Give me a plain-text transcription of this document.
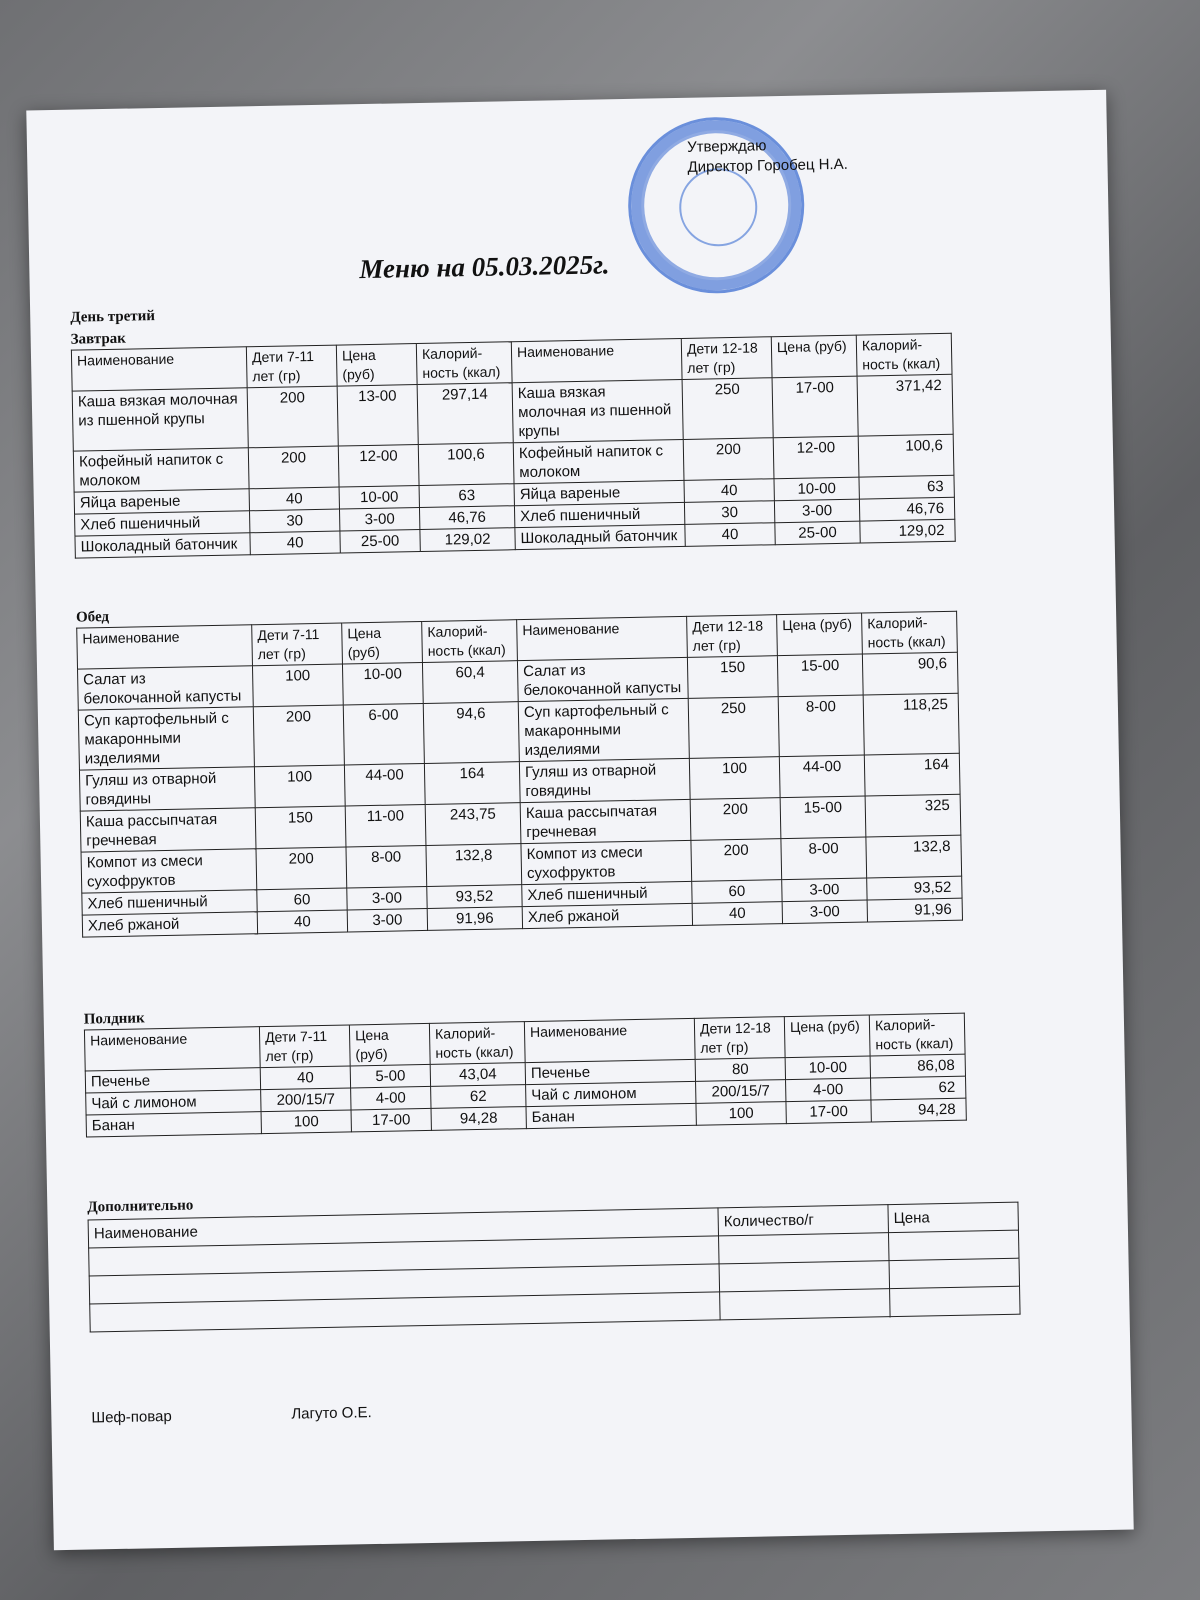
Утверждаю
Директор Горобец Н.А.
Меню на 05.03.2025г.
День третий
Завтрак
Наименование	Дети 7-11 лет (гр)	Цена (руб)	Калорий-ность (ккал)	Наименование	Дети 12-18 лет (гр)	Цена (руб)	Калорий-ность (ккал)
Каша вязкая молочная из пшенной крупы	200	13-00	297,14	Каша вязкая молочная из пшенной крупы	250	17-00	371,42
Кофейный напиток с молоком	200	12-00	100,6	Кофейный напиток с молоком	200	12-00	100,6
Яйца вареные	40	10-00	63	Яйца вареные	40	10-00	63
Хлеб пшеничный	30	3-00	46,76	Хлеб пшеничный	30	3-00	46,76
Шоколадный батончик	40	25-00	129,02	Шоколадный батончик	40	25-00	129,02
Обед
Наименование	Дети 7-11 лет (гр)	Цена (руб)	Калорий-ность (ккал)	Наименование	Дети 12-18 лет (гр)	Цена (руб)	Калорий-ность (ккал)
Салат из белокочанной капусты	100	10-00	60,4	Салат из белокочанной капусты	150	15-00	90,6
Суп картофельный с макаронными изделиями	200	6-00	94,6	Суп картофельный с макаронными изделиями	250	8-00	118,25
Гуляш из отварной говядины	100	44-00	164	Гуляш из отварной говядины	100	44-00	164
Каша рассыпчатая гречневая	150	11-00	243,75	Каша рассыпчатая гречневая	200	15-00	325
Компот из смеси сухофруктов	200	8-00	132,8	Компот из смеси сухофруктов	200	8-00	132,8
Хлеб пшеничный	60	3-00	93,52	Хлеб пшеничный	60	3-00	93,52
Хлеб ржаной	40	3-00	91,96	Хлеб ржаной	40	3-00	91,96
Полдник
Наименование	Дети 7-11 лет (гр)	Цена (руб)	Калорий-ность (ккал)	Наименование	Дети 12-18 лет (гр)	Цена (руб)	Калорий-ность (ккал)
Печенье	40	5-00	43,04	Печенье	80	10-00	86,08
Чай с лимоном	200/15/7	4-00	62	Чай с лимоном	200/15/7	4-00	62
Банан	100	17-00	94,28	Банан	100	17-00	94,28
Дополнительно
Наименование	Количество/г	Цена

Шеф-повар	Лагуто О.Е.
